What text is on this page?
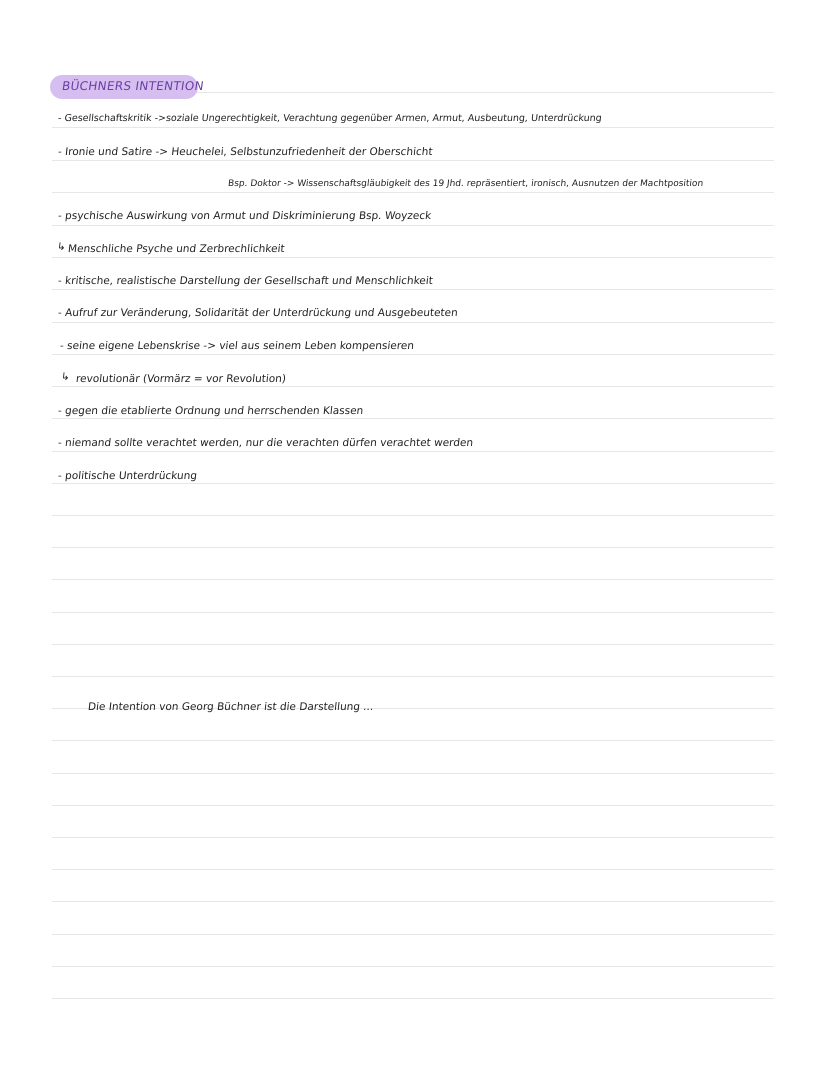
BÜCHNERS INTENTION
- Gesellschaftskritik ->soziale Ungerechtigkeit, Verachtung gegenüber Armen, Armut, Ausbeutung, Unterdrückung
- Ironie und Satire -> Heuchelei, Selbstunzufriedenheit der Oberschicht
Bsp. Doktor -> Wissenschaftsgläubigkeit des 19 Jhd. repräsentiert, ironisch, Ausnutzen der Machtposition
- psychische Auswirkung von Armut und Diskriminierung Bsp. Woyzeck
↳ Menschliche Psyche und Zerbrechlichkeit
- kritische, realistische Darstellung der Gesellschaft und Menschlichkeit
- Aufruf zur Veränderung, Solidarität der Unterdrückung und Ausgebeuteten
- seine eigene Lebenskrise -> viel aus seinem Leben kompensieren
↳ revolutionär (Vormärz = vor Revolution)
- gegen die etablierte Ordnung und herrschenden Klassen
- niemand sollte verachtet werden, nur die verachten dürfen verachtet werden
- politische Unterdrückung
Die Intention von Georg Büchner ist die Darstellung ...
